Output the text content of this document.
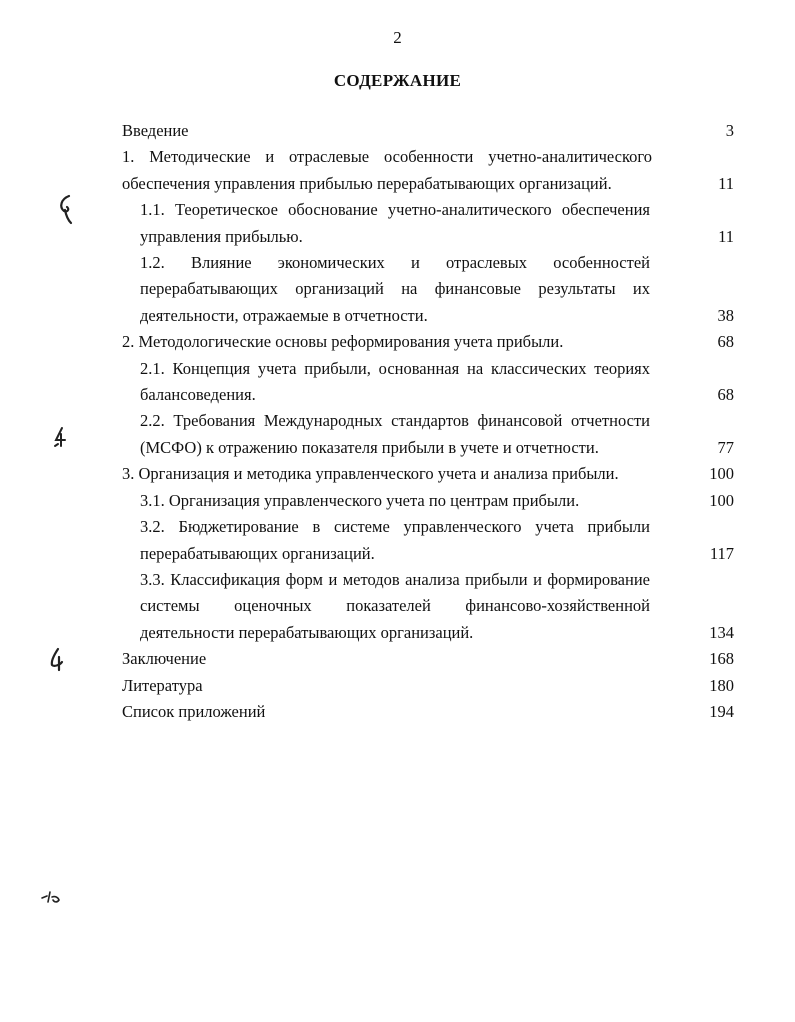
2
СОДЕРЖАНИЕ
Введение	3
1. Методические и отраслевые особенности учетно-аналитического обеспечения управления прибылью перерабатывающих организаций.	11
1.1. Теоретическое обоснование учетно-аналитического обеспечения управления прибылью.	11
1.2. Влияние экономических и отраслевых особенностей перерабатывающих организаций на финансовые результаты их деятельности, отражаемые в отчетности.	38
2. Методологические основы реформирования учета прибыли.	68
2.1. Концепция учета прибыли, основанная на классических теориях балансоведения.	68
2.2. Требования Международных стандартов финансовой отчетности (МСФО) к отражению показателя прибыли в учете и отчетности.	77
3. Организация и методика управленческого учета и анализа прибыли.	100
3.1. Организация управленческого учета по центрам прибыли.	100
3.2. Бюджетирование в системе управленческого учета прибыли перерабатывающих организаций.	117
3.3. Классификация форм и методов анализа прибыли и формирование системы оценочных показателей финансово-хозяйственной деятельности перерабатывающих организаций.	134
Заключение	168
Литература	180
Список приложений	194
